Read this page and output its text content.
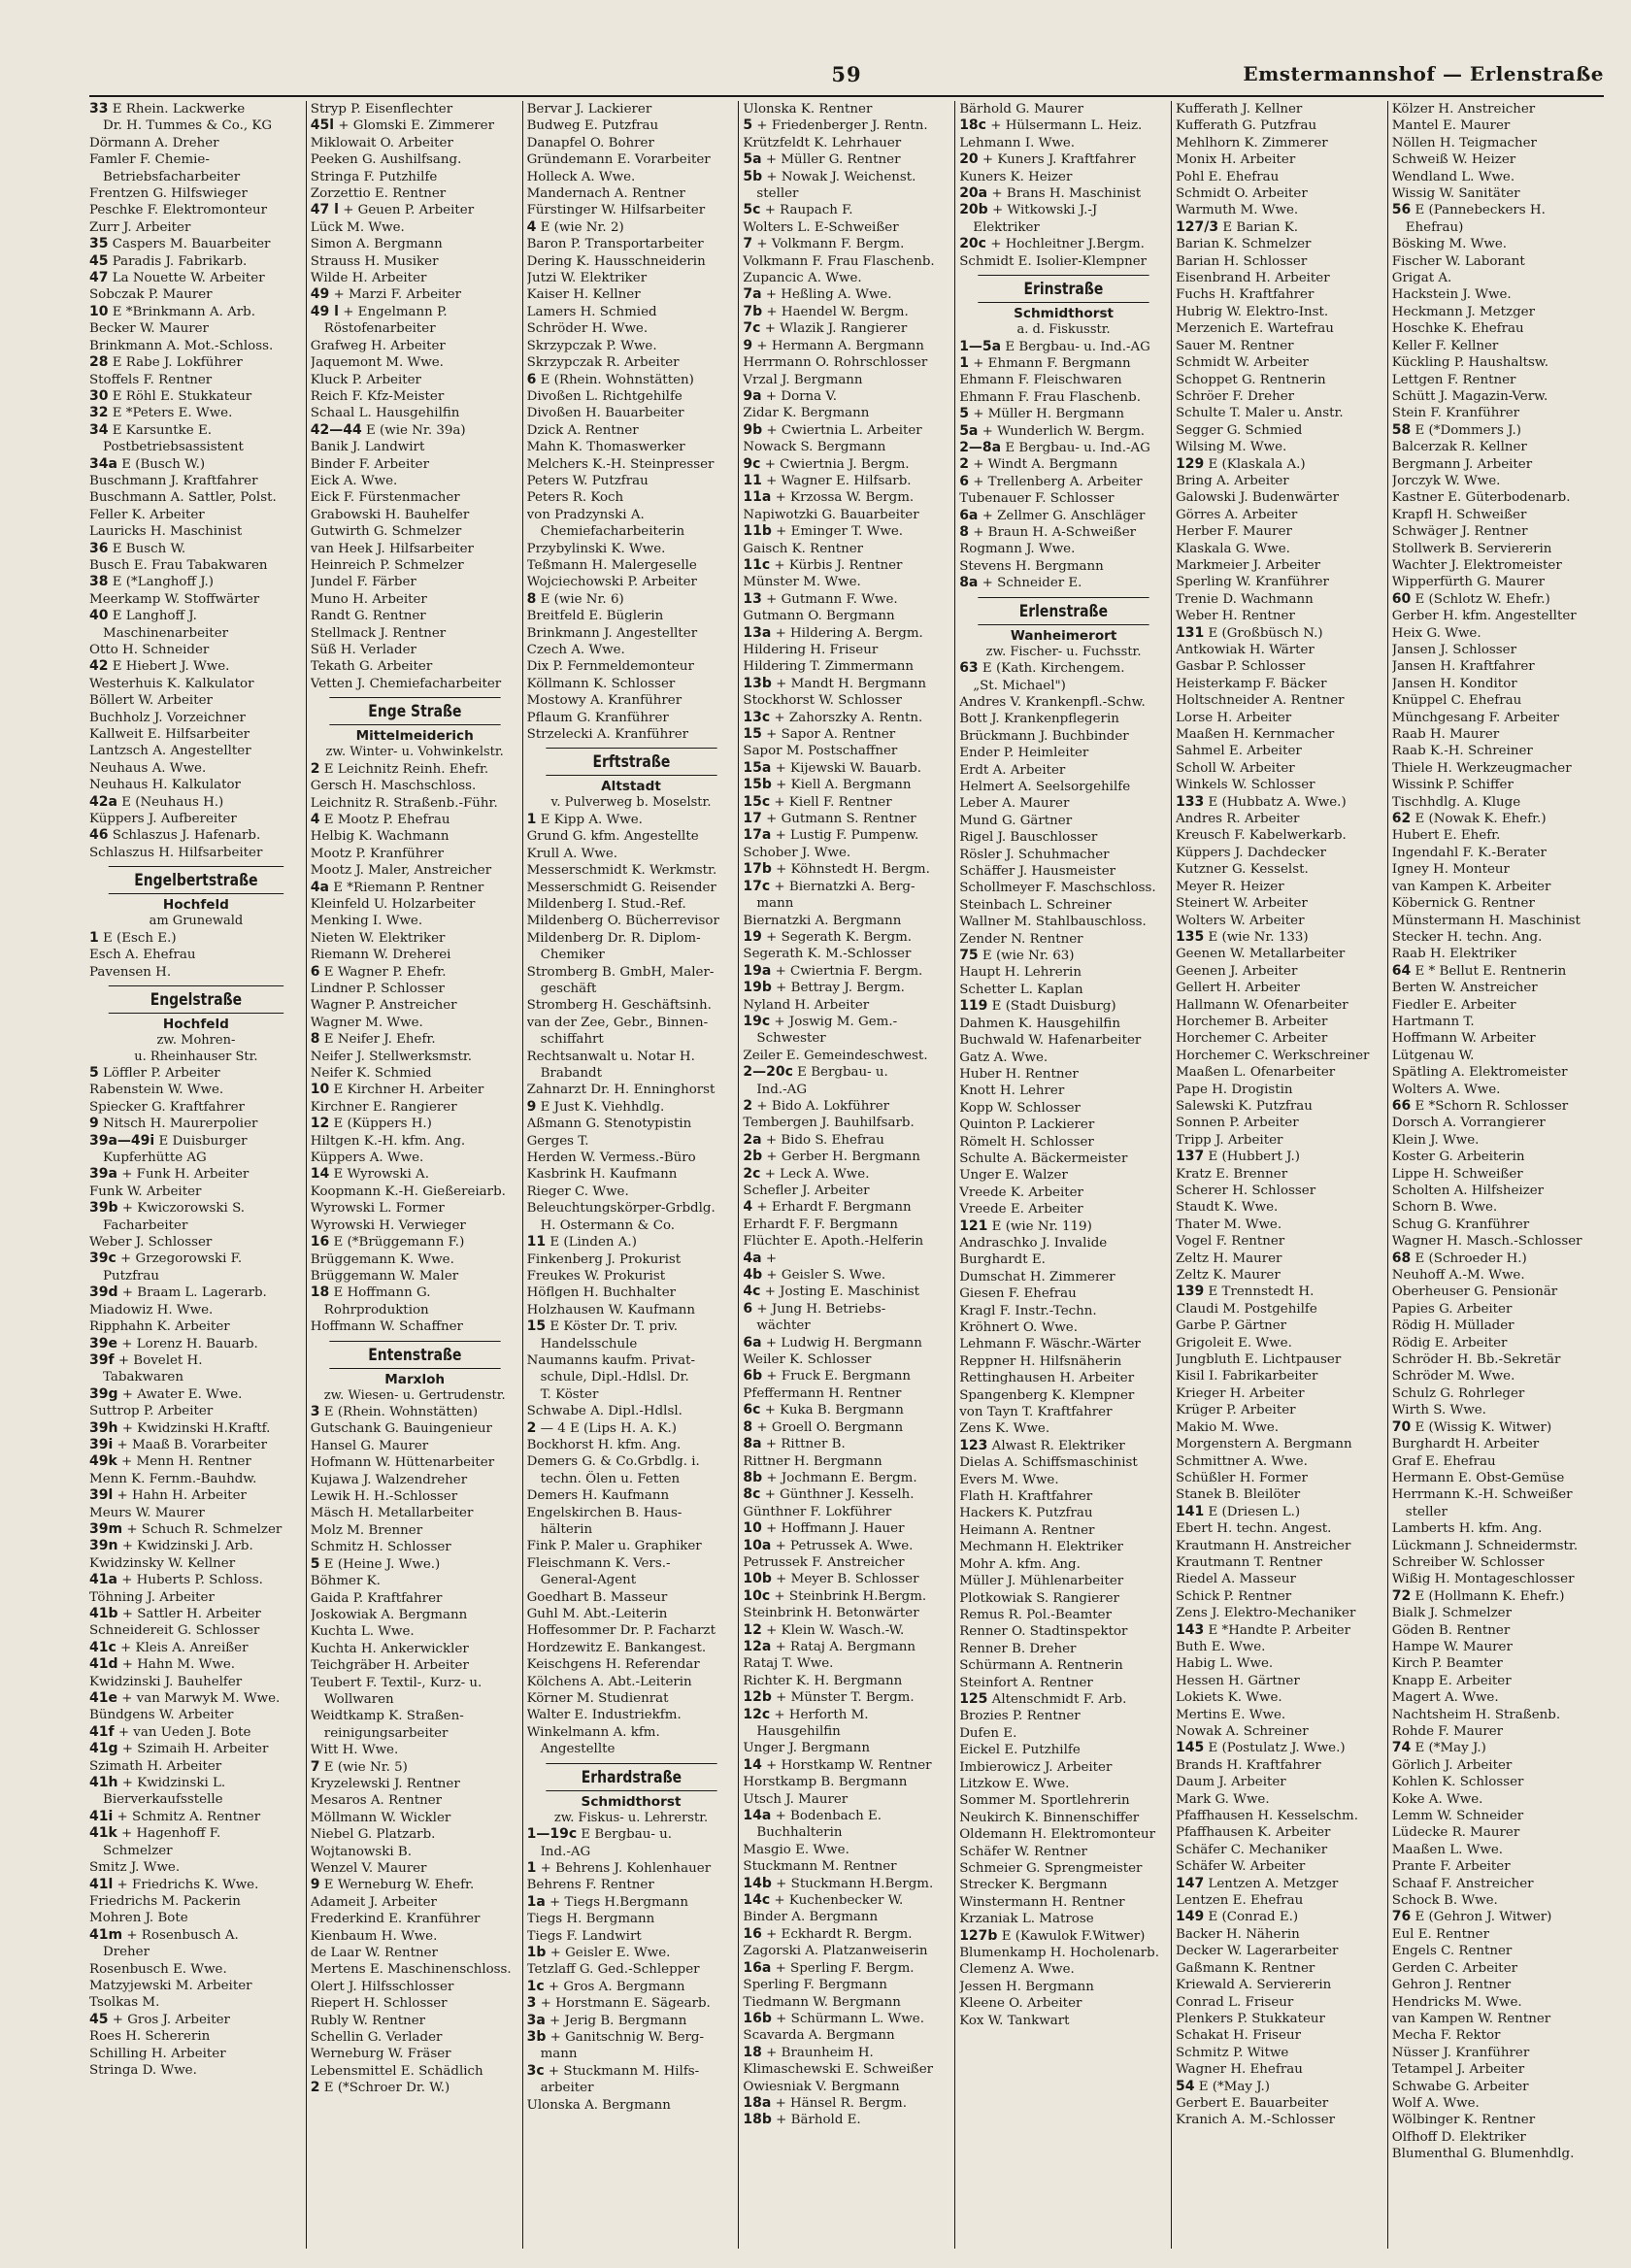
59	Emstermannshof — Erlenstraße
33 E Rhein. Lackwerke
Dr. H. Tummes & Co., KG
Dörmann A. Dreher
Famler F. Chemie-
Betriebsfacharbeiter
Frentzen G. Hilfswieger
Peschke F. Elektromonteur
Zurr J. Arbeiter
35 Caspers M. Bauarbeiter
45 Paradis J. Fabrikarb.
47 La Nouette W. Arbeiter
Sobczak P. Maurer
10 E *Brinkmann A. Arb.
Becker W. Maurer
Brinkmann A. Mot.-Schloss.
28 E Rabe J. Lokführer
Stoffels F. Rentner
30 E Röhl E. Stukkateur
32 E *Peters E. Wwe.
34 E Karsuntke E.
Postbetriebsassistent
34a E (Busch W.)
Buschmann J. Kraftfahrer
Buschmann A. Sattler, Polst.
Feller K. Arbeiter
Lauricks H. Maschinist
36 E Busch W.
Busch E. Frau Tabakwaren
38 E (*Langhoff J.)
Meerkamp W. Stoffwärter
40 E Langhoff J.
Maschinenarbeiter
Otto H. Schneider
42 E Hiebert J. Wwe.
Westerhuis K. Kalkulator
Böllert W. Arbeiter
Buchholz J. Vorzeichner
Kallweit E. Hilfsarbeiter
Lantzsch A. Angestellter
Neuhaus A. Wwe.
Neuhaus H. Kalkulator
42a E (Neuhaus H.)
Küppers J. Aufbereiter
46 Schlaszus J. Hafenarb.
Schlaszus H. Hilfsarbeiter
Engelbertstraße
Hochfeld
am Grunewald
1 E (Esch E.)
Esch A. Ehefrau
Pavensen H.
Engelstraße
Hochfeld
zw. Mohren-
u. Rheinhauser Str.
5 Löffler P. Arbeiter
Rabenstein W. Wwe.
Spiecker G. Kraftfahrer
9 Nitsch H. Maurerpolier
39a—49i E Duisburger
Kupferhütte AG
39a + Funk H. Arbeiter
Funk W. Arbeiter
39b + Kwiczorowski S.
Facharbeiter
Weber J. Schlosser
39c + Grzegorowski F.
Putzfrau
39d + Braam L. Lagerarb.
Miadowiz H. Wwe.
Ripphahn K. Arbeiter
39e + Lorenz H. Bauarb.
39f + Bovelet H.
Tabakwaren
39g + Awater E. Wwe.
Suttrop P. Arbeiter
39h + Kwidzinski H.Kraftf.
39i + Maaß B. Vorarbeiter
49k + Menn H. Rentner
Menn K. Fernm.-Bauhdw.
39l + Hahn H. Arbeiter
Meurs W. Maurer
39m + Schuch R. Schmelzer
39n + Kwidzinski J. Arb.
Kwidzinsky W. Kellner
41a + Huberts P. Schloss.
Töhning J. Arbeiter
41b + Sattler H. Arbeiter
Schneidereit G. Schlosser
41c + Kleis A. Anreißer
41d + Hahn M. Wwe.
Kwidzinski J. Bauhelfer
41e + van Marwyk M. Wwe.
Bündgens W. Arbeiter
41f + van Ueden J. Bote
41g + Szimaih H. Arbeiter
Szimath H. Arbeiter
41h + Kwidzinski L.
Bierverkaufsstelle
41i + Schmitz A. Rentner
41k + Hagenhoff F.
Schmelzer
Smitz J. Wwe.
41l + Friedrichs K. Wwe.
Friedrichs M. Packerin
Mohren J. Bote
41m + Rosenbusch A.
Dreher
Rosenbusch E. Wwe.
Matzyjewski M. Arbeiter
Tsolkas M.
45 + Gros J. Arbeiter
Roes H. Schererin
Schilling H. Arbeiter
Stringa D. Wwe.
Stryp P. Eisenflechter
45l + Glomski E. Zimmerer
Miklowait O. Arbeiter
Peeken G. Aushilfsang.
Stringa F. Putzhilfe
Zorzettio E. Rentner
47 l + Geuen P. Arbeiter
Lück M. Wwe.
Simon A. Bergmann
Strauss H. Musiker
Wilde H. Arbeiter
49 + Marzi F. Arbeiter
49 l + Engelmann P.
Röstofenarbeiter
Grafweg H. Arbeiter
Jaquemont M. Wwe.
Kluck P. Arbeiter
Reich F. Kfz-Meister
Schaal L. Hausgehilfin
42—44 E (wie Nr. 39a)
Banik J. Landwirt
Binder F. Arbeiter
Eick A. Wwe.
Eick F. Fürstenmacher
Grabowski H. Bauhelfer
Gutwirth G. Schmelzer
van Heek J. Hilfsarbeiter
Heinreich P. Schmelzer
Jundel F. Färber
Muno H. Arbeiter
Randt G. Rentner
Stellmack J. Rentner
Süß H. Verlader
Tekath G. Arbeiter
Vetten J. Chemiefacharbeiter
Enge Straße
Mittelmeiderich
zw. Winter- u. Vohwinkelstr.
2 E Leichnitz Reinh. Ehefr.
Gersch H. Maschschloss.
Leichnitz R. Straßenb.-Führ.
4 E Mootz P. Ehefrau
Helbig K. Wachmann
Mootz P. Kranführer
Mootz J. Maler, Anstreicher
4a E *Riemann P. Rentner
Kleinfeld U. Holzarbeiter
Menking I. Wwe.
Nieten W. Elektriker
Riemann W. Dreherei
6 E Wagner P. Ehefr.
Lindner P. Schlosser
Wagner P. Anstreicher
Wagner M. Wwe.
8 E Neifer J. Ehefr.
Neifer J. Stellwerksmstr.
Neifer K. Schmied
10 E Kirchner H. Arbeiter
Kirchner E. Rangierer
12 E (Küppers H.)
Hiltgen K.-H. kfm. Ang.
Küppers A. Wwe.
14 E Wyrowski A.
Koopmann K.-H. Gießereiarb.
Wyrowski L. Former
Wyrowski H. Verwieger
16 E (*Brüggemann F.)
Brüggemann K. Wwe.
Brüggemann W. Maler
18 E Hoffmann G.
Rohrproduktion
Hoffmann W. Schaffner
Entenstraße
Marxloh
zw. Wiesen- u. Gertrudenstr.
3 E (Rhein. Wohnstätten)
Gutschank G. Bauingenieur
Hansel G. Maurer
Hofmann W. Hüttenarbeiter
Kujawa J. Walzendreher
Lewik H. H.-Schlosser
Mäsch H. Metallarbeiter
Molz M. Brenner
Schmitz H. Schlosser
5 E (Heine J. Wwe.)
Böhmer K.
Gaida P. Kraftfahrer
Joskowiak A. Bergmann
Kuchta L. Wwe.
Kuchta H. Ankerwickler
Teichgräber H. Arbeiter
Teubert F. Textil-, Kurz- u.
Wollwaren
Weidtkamp K. Straßen-
reinigungsarbeiter
Witt H. Wwe.
7 E (wie Nr. 5)
Kryzelewski J. Rentner
Mesaros A. Rentner
Möllmann W. Wickler
Niebel G. Platzarb.
Wojtanowski B.
Wenzel V. Maurer
9 E Werneburg W. Ehefr.
Adameit J. Arbeiter
Frederkind E. Kranführer
Kienbaum H. Wwe.
de Laar W. Rentner
Mertens E. Maschinenschloss.
Olert J. Hilfsschlosser
Riepert H. Schlosser
Rubly W. Rentner
Schellin G. Verlader
Werneburg W. Fräser
Lebensmittel E. Schädlich
2 E (*Schroer Dr. W.)
Bervar J. Lackierer
Budweg E. Putzfrau
Danapfel O. Bohrer
Gründemann E. Vorarbeiter
Holleck A. Wwe.
Mandernach A. Rentner
Fürstinger W. Hilfsarbeiter
4 E (wie Nr. 2)
Baron P. Transportarbeiter
Dering K. Hausschneiderin
Jutzi W. Elektriker
Kaiser H. Kellner
Lamers H. Schmied
Schröder H. Wwe.
Skrzypczak P. Wwe.
Skrzypczak R. Arbeiter
6 E (Rhein. Wohnstätten)
Divoßen L. Richtgehilfe
Divoßen H. Bauarbeiter
Dzick A. Rentner
Mahn K. Thomaswerker
Melchers K.-H. Steinpresser
Peters W. Putzfrau
Peters R. Koch
von Pradzynski A.
Chemiefacharbeiterin
Przybylinski K. Wwe.
Teßmann H. Malergeselle
Wojciechowski P. Arbeiter
8 E (wie Nr. 6)
Breitfeld E. Büglerin
Brinkmann J. Angestellter
Czech A. Wwe.
Dix P. Fernmeldemonteur
Köllmann K. Schlosser
Mostowy A. Kranführer
Pflaum G. Kranführer
Strzelecki A. Kranführer
Erftstraße
Altstadt
v. Pulverweg b. Moselstr.
1 E Kipp A. Wwe.
Grund G. kfm. Angestellte
Krull A. Wwe.
Messerschmidt K. Werkmstr.
Messerschmidt G. Reisender
Mildenberg I. Stud.-Ref.
Mildenberg O. Bücherrevisor
Mildenberg Dr. R. Diplom-
Chemiker
Stromberg B. GmbH, Maler-
geschäft
Stromberg H. Geschäftsinh.
van der Zee, Gebr., Binnen-
schiffahrt
Rechtsanwalt u. Notar H.
Brabandt
Zahnarzt Dr. H. Enninghorst
9 E Just K. Viehhdlg.
Aßmann G. Stenotypistin
Gerges T.
Herden W. Vermess.-Büro
Kasbrink H. Kaufmann
Rieger C. Wwe.
Beleuchtungskörper-Grbdlg.
H. Ostermann & Co.
11 E (Linden A.)
Finkenberg J. Prokurist
Freukes W. Prokurist
Höflgen H. Buchhalter
Holzhausen W. Kaufmann
15 E Köster Dr. T. priv.
Handelsschule
Naumanns kaufm. Privat-
schule, Dipl.-Hdlsl. Dr.
T. Köster
Schwabe A. Dipl.-Hdlsl.
2 — 4 E (Lips H. A. K.)
Bockhorst H. kfm. Ang.
Demers G. & Co.Grbdlg. i.
techn. Ölen u. Fetten
Demers H. Kaufmann
Engelskirchen B. Haus-
hälterin
Fink P. Maler u. Graphiker
Fleischmann K. Vers.-
General-Agent
Goedhart B. Masseur
Guhl M. Abt.-Leiterin
Hoffesommer Dr. P. Facharzt
Hordzewitz E. Bankangest.
Keischgens H. Referendar
Kölchens A. Abt.-Leiterin
Körner M. Studienrat
Walter E. Industriekfm.
Winkelmann A. kfm.
Angestellte
Erhardstraße
Schmidthorst
zw. Fiskus- u. Lehrerstr.
1—19c E Bergbau- u.
Ind.-AG
1 + Behrens J. Kohlenhauer
Behrens F. Rentner
1a + Tiegs H.Bergmann
Tiegs H. Bergmann
Tiegs F. Landwirt
1b + Geisler E. Wwe.
Tetzlaff G. Ged.-Schlepper
1c + Gros A. Bergmann
3 + Horstmann E. Sägearb.
3a + Jerig B. Bergmann
3b + Ganitschnig W. Berg-
mann
3c + Stuckmann M. Hilfs-
arbeiter
Ulonska A. Bergmann
Ulonska K. Rentner
5 + Friedenberger J. Rentn.
Krützfeldt K. Lehrhauer
5a + Müller G. Rentner
5b + Nowak J. Weichenst.
steller
5c + Raupach F.
Wolters L. E-Schweißer
7 + Volkmann F. Bergm.
Volkmann F. Frau Flaschenb.
Zupancic A. Wwe.
7a + Heßling A. Wwe.
7b + Haendel W. Bergm.
7c + Wlazik J. Rangierer
9 + Hermann A. Bergmann
Herrmann O. Rohrschlosser
Vrzal J. Bergmann
9a + Dorna V.
Zidar K. Bergmann
9b + Cwiertnia L. Arbeiter
Nowack S. Bergmann
9c + Cwiertnia J. Bergm.
11 + Wagner E. Hilfsarb.
11a + Krzossa W. Bergm.
Napiwotzki G. Bauarbeiter
11b + Eminger T. Wwe.
Gaisch K. Rentner
11c + Kürbis J. Rentner
Münster M. Wwe.
13 + Gutmann F. Wwe.
Gutmann O. Bergmann
13a + Hildering A. Bergm.
Hildering H. Friseur
Hildering T. Zimmermann
13b + Mandt H. Bergmann
Stockhorst W. Schlosser
13c + Zahorszky A. Rentn.
15 + Sapor A. Rentner
Sapor M. Postschaffner
15a + Kijewski W. Bauarb.
15b + Kiell A. Bergmann
15c + Kiell F. Rentner
17 + Gutmann S. Rentner
17a + Lustig F. Pumpenw.
Schober J. Wwe.
17b + Köhnstedt H. Bergm.
17c + Biernatzki A. Berg-
mann
Biernatzki A. Bergmann
19 + Segerath K. Bergm.
Segerath K. M.-Schlosser
19a + Cwiertnia F. Bergm.
19b + Bettray J. Bergm.
Nyland H. Arbeiter
19c + Joswig M. Gem.-
Schwester
Zeiler E. Gemeindeschwest.
2—20c E Bergbau- u.
Ind.-AG
2 + Bido A. Lokführer
Tembergen J. Bauhilfsarb.
2a + Bido S. Ehefrau
2b + Gerber H. Bergmann
2c + Leck A. Wwe.
Schefler J. Arbeiter
4 + Erhardt F. Bergmann
Erhardt F. F. Bergmann
Flüchter E. Apoth.-Helferin
4a +
4b + Geisler S. Wwe.
4c + Josting E. Maschinist
6 + Jung H. Betriebs-
wächter
6a + Ludwig H. Bergmann
Weiler K. Schlosser
6b + Fruck E. Bergmann
Pfeffermann H. Rentner
6c + Kuka B. Bergmann
8 + Groell O. Bergmann
8a + Rittner B.
Rittner H. Bergmann
8b + Jochmann E. Bergm.
8c + Günthner J. Kesselh.
Günthner F. Lokführer
10 + Hoffmann J. Hauer
10a + Petrussek A. Wwe.
Petrussek F. Anstreicher
10b + Meyer B. Schlosser
10c + Steinbrink H.Bergm.
Steinbrink H. Betonwärter
12 + Klein W. Wasch.-W.
12a + Rataj A. Bergmann
Rataj T. Wwe.
Richter K. H. Bergmann
12b + Münster T. Bergm.
12c + Herforth M.
Hausgehilfin
Unger J. Bergmann
14 + Horstkamp W. Rentner
Horstkamp B. Bergmann
Utsch J. Maurer
14a + Bodenbach E.
Buchhalterin
Masgio E. Wwe.
Stuckmann M. Rentner
14b + Stuckmann H.Bergm.
14c + Kuchenbecker W.
Binder A. Bergmann
16 + Eckhardt R. Bergm.
Zagorski A. Platzanweiserin
16a + Sperling F. Bergm.
Sperling F. Bergmann
Tiedmann W. Bergmann
16b + Schürmann L. Wwe.
Scavarda A. Bergmann
18 + Braunheim H.
Klimaschewski E. Schweißer
Owiesniak V. Bergmann
18a + Hänsel R. Bergm.
18b + Bärhold E.
Bärhold G. Maurer
18c + Hülsermann L. Heiz.
Lehmann I. Wwe.
20 + Kuners J. Kraftfahrer
Kuners K. Heizer
20a + Brans H. Maschinist
20b + Witkowski J.-J
Elektriker
20c + Hochleitner J.Bergm.
Schmidt E. Isolier-Klempner
Erinstraße
Schmidthorst
a. d. Fiskusstr.
1—5a E Bergbau- u. Ind.-AG
1 + Ehmann F. Bergmann
Ehmann F. Fleischwaren
Ehmann F. Frau Flaschenb.
5 + Müller H. Bergmann
5a + Wunderlich W. Bergm.
2—8a E Bergbau- u. Ind.-AG
2 + Windt A. Bergmann
6 + Trellenberg A. Arbeiter
Tubenauer F. Schlosser
6a + Zellmer G. Anschläger
8 + Braun H. A-Schweißer
Rogmann J. Wwe.
Stevens H. Bergmann
8a + Schneider E.
Erlenstraße
Wanheimerort
zw. Fischer- u. Fuchsstr.
63 E (Kath. Kirchengem.
„St. Michael")
Andres V. Krankenpfl.-Schw.
Bott J. Krankenpflegerin
Brückmann J. Buchbinder
Ender P. Heimleiter
Erdt A. Arbeiter
Helmert A. Seelsorgehilfe
Leber A. Maurer
Mund G. Gärtner
Rigel J. Bauschlosser
Rösler J. Schuhmacher
Schäffer J. Hausmeister
Schollmeyer F. Maschschloss.
Steinbach L. Schreiner
Wallner M. Stahlbauschloss.
Zender N. Rentner
75 E (wie Nr. 63)
Haupt H. Lehrerin
Schetter L. Kaplan
119 E (Stadt Duisburg)
Dahmen K. Hausgehilfin
Buchwald W. Hafenarbeiter
Gatz A. Wwe.
Huber H. Rentner
Knott H. Lehrer
Kopp W. Schlosser
Quinton P. Lackierer
Römelt H. Schlosser
Schulte A. Bäckermeister
Unger E. Walzer
Vreede K. Arbeiter
Vreede E. Arbeiter
121 E (wie Nr. 119)
Andraschko J. Invalide
Burghardt E.
Dumschat H. Zimmerer
Giesen F. Ehefrau
Kragl F. Instr.-Techn.
Kröhnert O. Wwe.
Lehmann F. Wäschr.-Wärter
Reppner H. Hilfsnäherin
Rettinghausen H. Arbeiter
Spangenberg K. Klempner
von Tayn T. Kraftfahrer
Zens K. Wwe.
123 Alwast R. Elektriker
Dielas A. Schiffsmaschinist
Evers M. Wwe.
Flath H. Kraftfahrer
Hackers K. Putzfrau
Heimann A. Rentner
Mechmann H. Elektriker
Mohr A. kfm. Ang.
Müller J. Mühlenarbeiter
Plotkowiak S. Rangierer
Remus R. Pol.-Beamter
Renner O. Stadtinspektor
Renner B. Dreher
Schürmann A. Rentnerin
Steinfort A. Rentner
125 Altenschmidt F. Arb.
Brozies P. Rentner
Dufen E.
Eickel E. Putzhilfe
Imbierowicz J. Arbeiter
Litzkow E. Wwe.
Sommer M. Sportlehrerin
Neukirch K. Binnenschiffer
Oldemann H. Elektromonteur
Schäfer W. Rentner
Schmeier G. Sprengmeister
Strecker K. Bergmann
Winstermann H. Rentner
Krzaniak L. Matrose
127b E (Kawulok F.Witwer)
Blumenkamp H. Hocholenarb.
Clemenz A. Wwe.
Jessen H. Bergmann
Kleene O. Arbeiter
Kox W. Tankwart
Kufferath J. Kellner
Kufferath G. Putzfrau
Mehlhorn K. Zimmerer
Monix H. Arbeiter
Pohl E. Ehefrau
Schmidt O. Arbeiter
Warmuth M. Wwe.
127/3 E Barian K.
Barian K. Schmelzer
Barian H. Schlosser
Eisenbrand H. Arbeiter
Fuchs H. Kraftfahrer
Hubrig W. Elektro-Inst.
Merzenich E. Wartefrau
Sauer M. Rentner
Schmidt W. Arbeiter
Schoppet G. Rentnerin
Schröer F. Dreher
Schulte T. Maler u. Anstr.
Segger G. Schmied
Wilsing M. Wwe.
129 E (Klaskala A.)
Bring A. Arbeiter
Galowski J. Budenwärter
Görres A. Arbeiter
Herber F. Maurer
Klaskala G. Wwe.
Markmeier J. Arbeiter
Sperling W. Kranführer
Trenie D. Wachmann
Weber H. Rentner
131 E (Großbüsch N.)
Antkowiak H. Wärter
Gasbar P. Schlosser
Heisterkamp F. Bäcker
Holtschneider A. Rentner
Lorse H. Arbeiter
Maaßen H. Kernmacher
Sahmel E. Arbeiter
Scholl W. Arbeiter
Winkels W. Schlosser
133 E (Hubbatz A. Wwe.)
Andres R. Arbeiter
Kreusch F. Kabelwerkarb.
Küppers J. Dachdecker
Kutzner G. Kesselst.
Meyer R. Heizer
Steinert W. Arbeiter
Wolters W. Arbeiter
135 E (wie Nr. 133)
Geenen W. Metallarbeiter
Geenen J. Arbeiter
Gellert H. Arbeiter
Hallmann W. Ofenarbeiter
Horchemer B. Arbeiter
Horchemer C. Arbeiter
Horchemer C. Werkschreiner
Maaßen L. Ofenarbeiter
Pape H. Drogistin
Salewski K. Putzfrau
Sonnen P. Arbeiter
Tripp J. Arbeiter
137 E (Hubbert J.)
Kratz E. Brenner
Scherer H. Schlosser
Staudt K. Wwe.
Thater M. Wwe.
Vogel F. Rentner
Zeltz H. Maurer
Zeltz K. Maurer
139 E Trennstedt H.
Claudi M. Postgehilfe
Garbe P. Gärtner
Grigoleit E. Wwe.
Jungbluth E. Lichtpauser
Kisil I. Fabrikarbeiter
Krieger H. Arbeiter
Krüger P. Arbeiter
Makio M. Wwe.
Morgenstern A. Bergmann
Schmittner A. Wwe.
Schüßler H. Former
Stanek B. Bleilöter
141 E (Driesen L.)
Ebert H. techn. Angest.
Krautmann H. Anstreicher
Krautmann T. Rentner
Riedel A. Masseur
Schick P. Rentner
Zens J. Elektro-Mechaniker
143 E *Handte P. Arbeiter
Buth E. Wwe.
Habig L. Wwe.
Hessen H. Gärtner
Lokiets K. Wwe.
Mertins E. Wwe.
Nowak A. Schreiner
145 E (Postulatz J. Wwe.)
Brands H. Kraftfahrer
Daum J. Arbeiter
Mark G. Wwe.
Pfaffhausen H. Kesselschm.
Pfaffhausen K. Arbeiter
Schäfer C. Mechaniker
Schäfer W. Arbeiter
147 Lentzen A. Metzger
Lentzen E. Ehefrau
149 E (Conrad E.)
Backer H. Näherin
Decker W. Lagerarbeiter
Gaßmann K. Rentner
Kriewald A. Serviererin
Conrad L. Friseur
Plenkers P. Stukkateur
Schakat H. Friseur
Schmitz P. Witwe
Wagner H. Ehefrau
54 E (*May J.)
Gerbert E. Bauarbeiter
Kranich A. M.-Schlosser
Kölzer H. Anstreicher
Mantel E. Maurer
Nöllen H. Teigmacher
Schweiß W. Heizer
Wendland L. Wwe.
Wissig W. Sanitäter
56 E (Pannebeckers H.
Ehefrau)
Bösking M. Wwe.
Fischer W. Laborant
Grigat A.
Hackstein J. Wwe.
Heckmann J. Metzger
Hoschke K. Ehefrau
Keller F. Kellner
Kückling P. Haushaltsw.
Lettgen F. Rentner
Schütt J. Magazin-Verw.
Stein F. Kranführer
58 E (*Dommers J.)
Balcerzak R. Kellner
Bergmann J. Arbeiter
Jorczyk W. Wwe.
Kastner E. Güterbodenarb.
Krapfl H. Schweißer
Schwäger J. Rentner
Stollwerk B. Serviererin
Wachter J. Elektromeister
Wipperfürth G. Maurer
60 E (Schlotz W. Ehefr.)
Gerber H. kfm. Angestellter
Heix G. Wwe.
Jansen J. Schlosser
Jansen H. Kraftfahrer
Jansen H. Konditor
Knüppel C. Ehefrau
Münchgesang F. Arbeiter
Raab H. Maurer
Raab K.-H. Schreiner
Thiele H. Werkzeugmacher
Wissink P. Schiffer
Tischhdlg. A. Kluge
62 E (Nowak K. Ehefr.)
Hubert E. Ehefr.
Ingendahl F. K.-Berater
Igney H. Monteur
van Kampen K. Arbeiter
Köbernick G. Rentner
Münstermann H. Maschinist
Stecker H. techn. Ang.
Raab H. Elektriker
64 E * Bellut E. Rentnerin
Berten W. Anstreicher
Fiedler E. Arbeiter
Hartmann T.
Hoffmann W. Arbeiter
Lütgenau W.
Spätling A. Elektromeister
Wolters A. Wwe.
66 E *Schorn R. Schlosser
Dorsch A. Vorrangierer
Klein J. Wwe.
Koster G. Arbeiterin
Lippe H. Schweißer
Scholten A. Hilfsheizer
Schorn B. Wwe.
Schug G. Kranführer
Wagner H. Masch.-Schlosser
68 E (Schroeder H.)
Neuhoff A.-M. Wwe.
Oberheuser G. Pensionär
Papies G. Arbeiter
Rödig H. Müllader
Rödig E. Arbeiter
Schröder H. Bb.-Sekretär
Schröder M. Wwe.
Schulz G. Rohrleger
Wirth S. Wwe.
70 E (Wissig K. Witwer)
Burghardt H. Arbeiter
Graf E. Ehefrau
Hermann E. Obst-Gemüse
Herrmann K.-H. Schweißer
steller
Lamberts H. kfm. Ang.
Lückmann J. Schneidermstr.
Schreiber W. Schlosser
Wißig H. Montageschlosser
72 E (Hollmann K. Ehefr.)
Bialk J. Schmelzer
Göden B. Rentner
Hampe W. Maurer
Kirch P. Beamter
Knapp E. Arbeiter
Magert A. Wwe.
Nachtsheim H. Straßenb.
Rohde F. Maurer
74 E (*May J.)
Görlich J. Arbeiter
Kohlen K. Schlosser
Koke A. Wwe.
Lemm W. Schneider
Lüdecke R. Maurer
Maaßen L. Wwe.
Prante F. Arbeiter
Schaaf F. Anstreicher
Schock B. Wwe.
76 E (Gehron J. Witwer)
Eul E. Rentner
Engels C. Rentner
Gerden C. Arbeiter
Gehron J. Rentner
Hendricks M. Wwe.
van Kampen W. Rentner
Mecha F. Rektor
Nüsser J. Kranführer
Tetampel J. Arbeiter
Schwabe G. Arbeiter
Wolf A. Wwe.
Wölbinger K. Rentner
Olfhoff D. Elektriker
Blumenthal G. Blumenhdlg.
